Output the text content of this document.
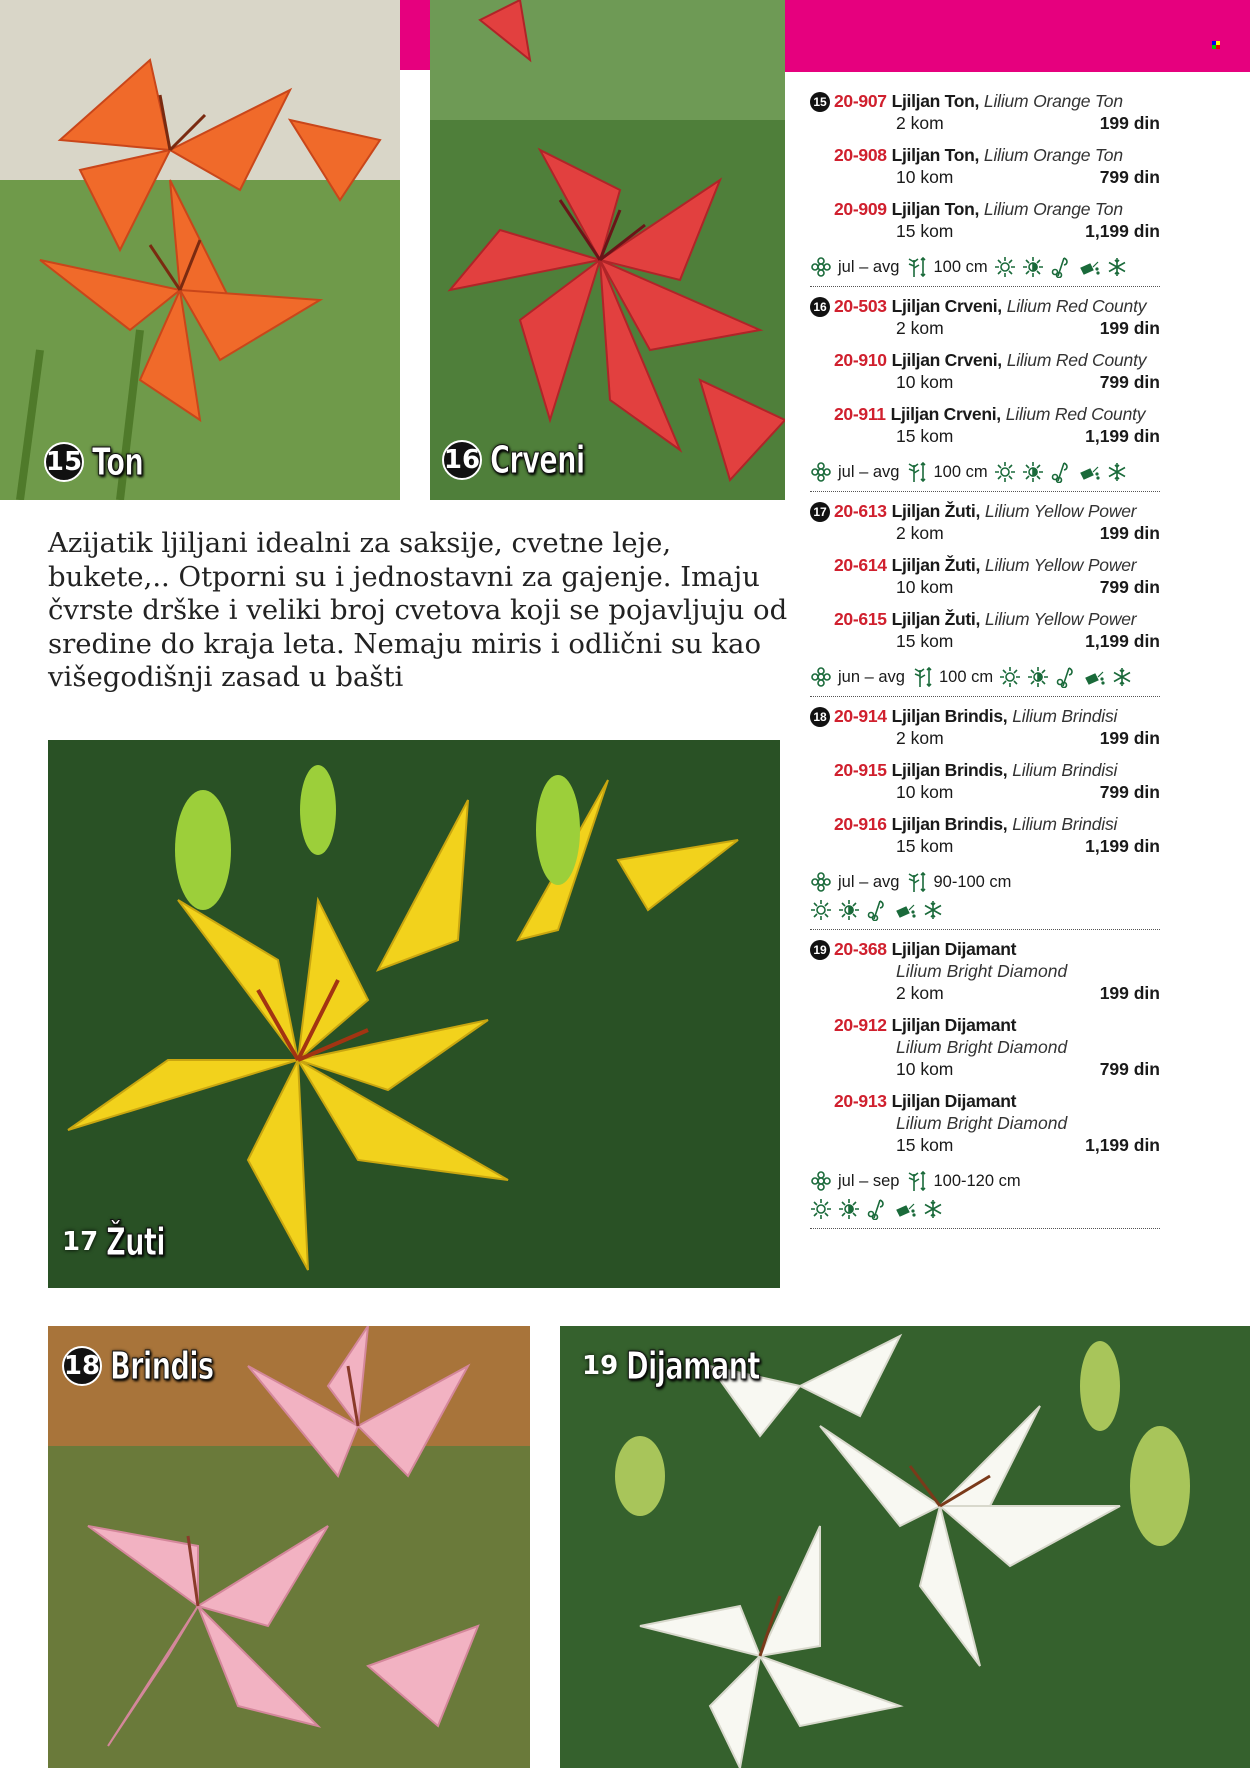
15 Ton	16 Crveni
Azijatik ljiljani idealni za saksije, cvetne leje, bukete,.. Otporni su i jednostavni za gajenje. Imaju čvrste drške i veliki broj cvetova koji se pojavljuju od sredine do kraja leta. Nemaju miris i odlični su kao višegodišnji zasad u bašti
17 Žuti
18 Brindis	19 Dijamant
15 20-907 Ljiljan Ton, Lilium Orange Ton
2 kom	199 din
20-908 Ljiljan Ton, Lilium Orange Ton
10 kom	799 din
20-909 Ljiljan Ton, Lilium Orange Ton
15 kom	1,199 din
jul – avg 100 cm
16 20-503 Ljiljan Crveni, Lilium Red County
2 kom	199 din
20-910 Ljiljan Crveni, Lilium Red County
10 kom	799 din
20-911 Ljiljan Crveni, Lilium Red County
15 kom	1,199 din
jul – avg 100 cm
17 20-613 Ljiljan Žuti, Lilium Yellow Power
2 kom	199 din
20-614 Ljiljan Žuti, Lilium Yellow Power
10 kom	799 din
20-615 Ljiljan Žuti, Lilium Yellow Power
15 kom	1,199 din
jun – avg 100 cm
18 20-914 Ljiljan Brindis, Lilium Brindisi
2 kom	199 din
20-915 Ljiljan Brindis, Lilium Brindisi
10 kom	799 din
20-916 Ljiljan Brindis, Lilium Brindisi
15 kom	1,199 din
jul – avg 90-100 cm
19 20-368 Ljiljan Dijamant
Lilium Bright Diamond
2 kom	199 din
20-912 Ljiljan Dijamant
Lilium Bright Diamond
10 kom	799 din
20-913 Ljiljan Dijamant
Lilium Bright Diamond
15 kom	1,199 din
jul – sep 100-120 cm
